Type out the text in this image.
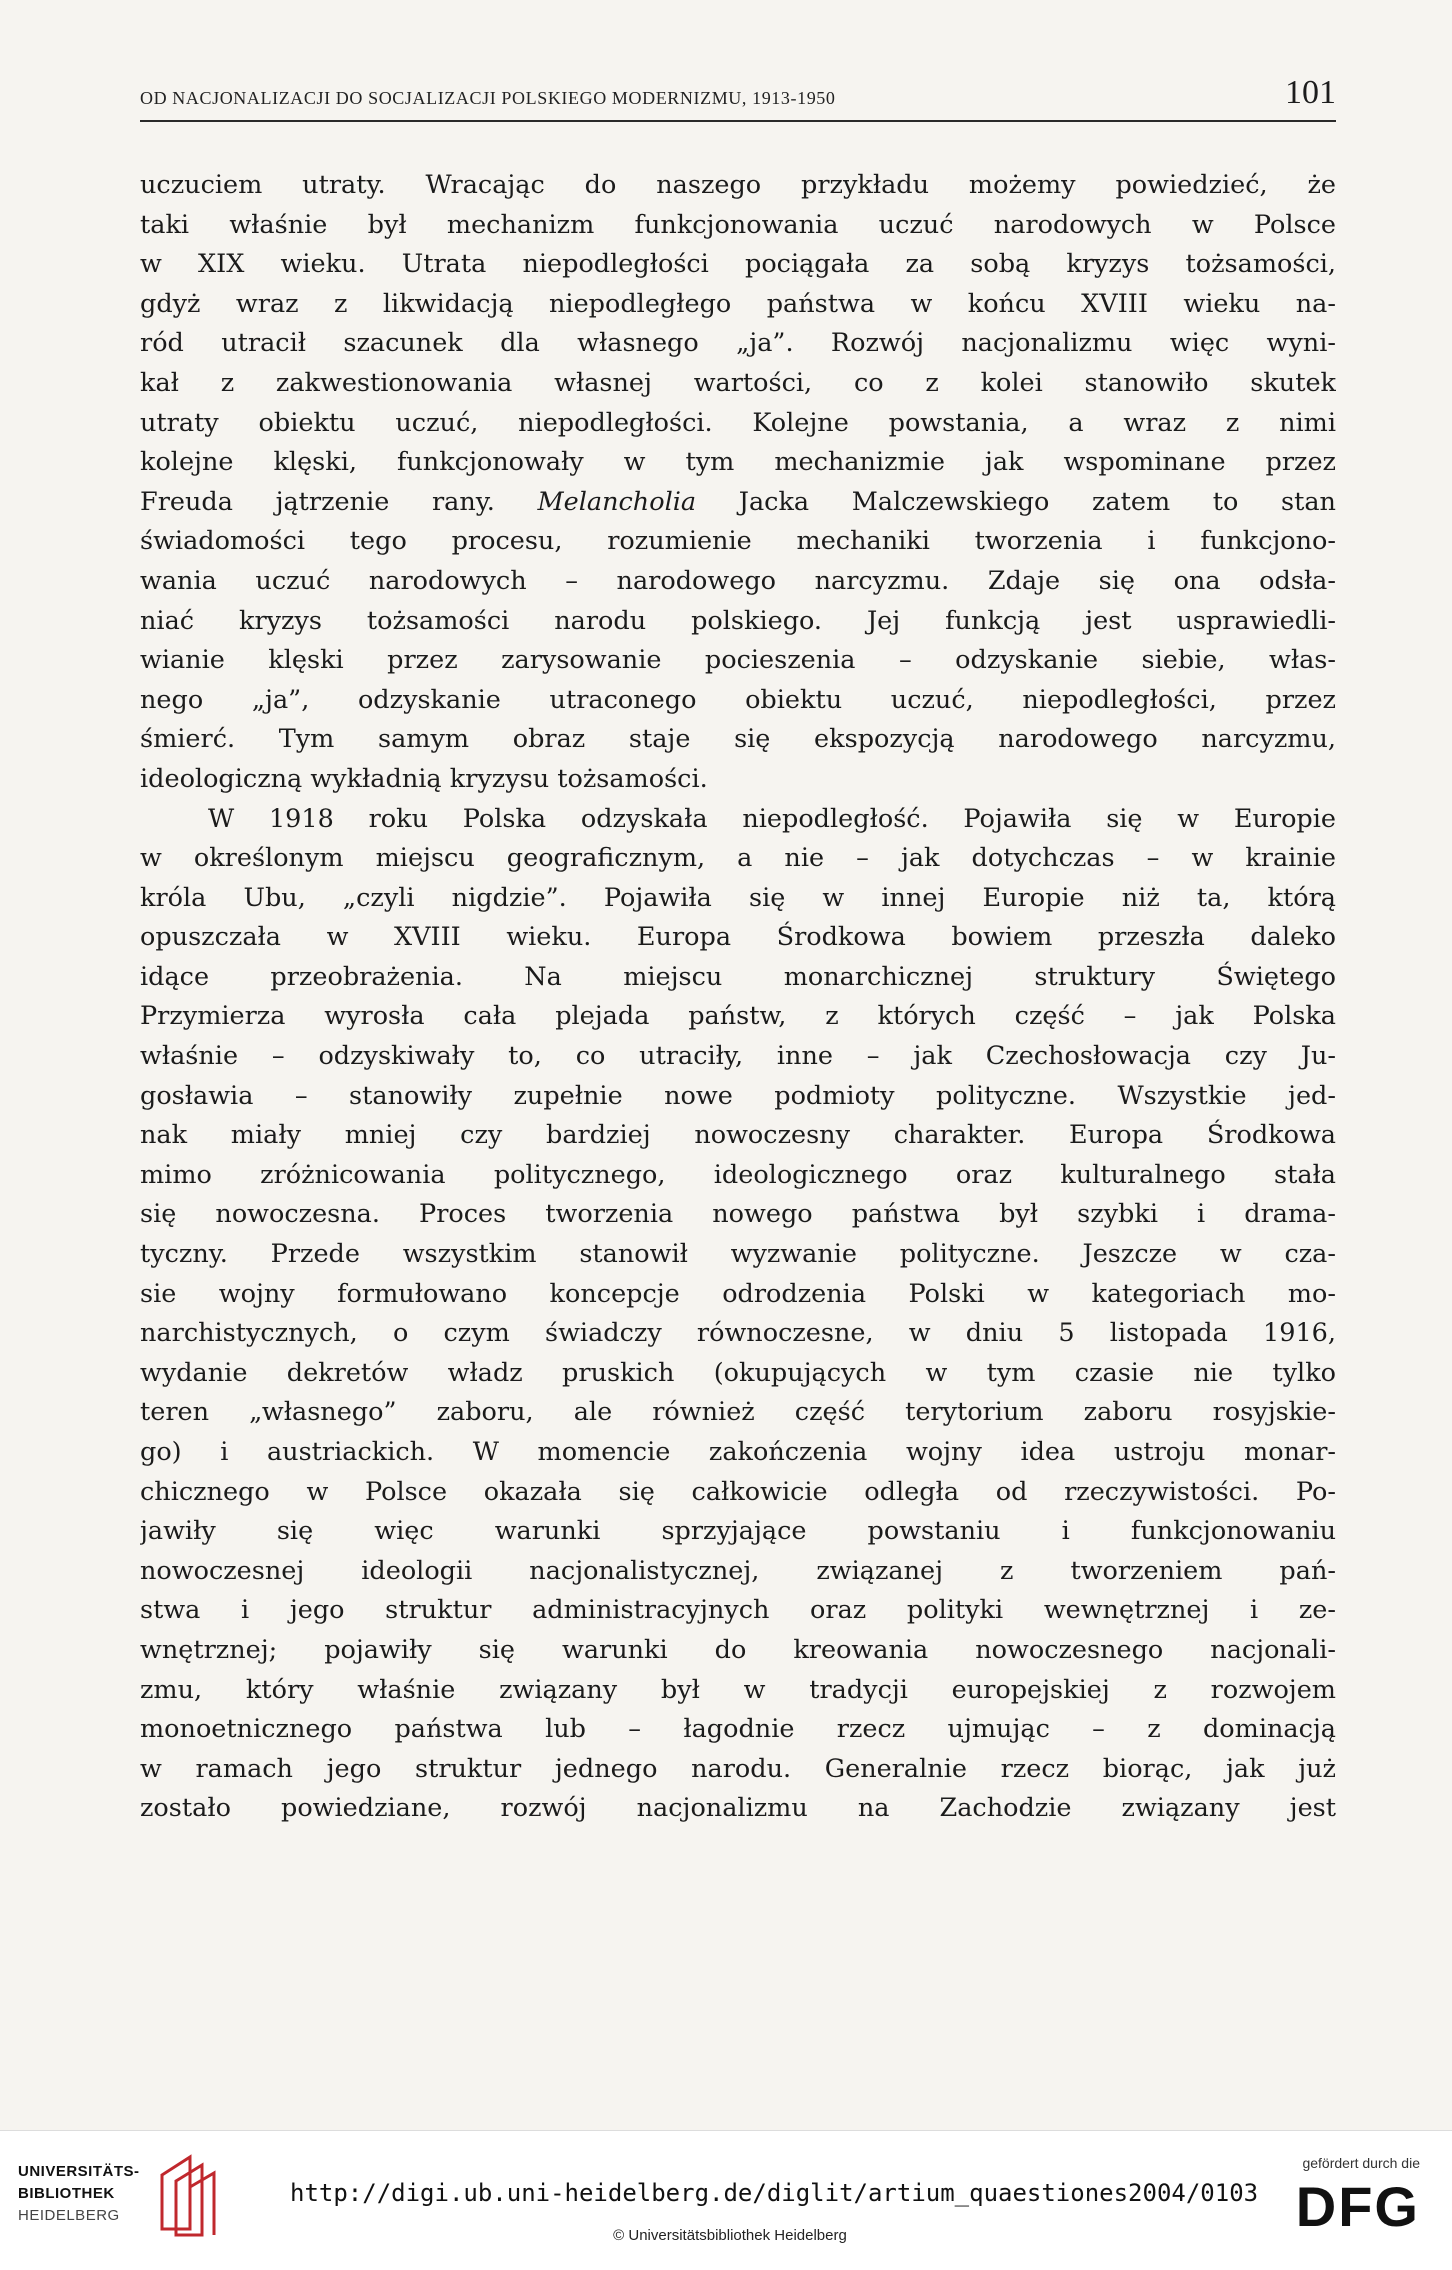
OD NACJONALIZACJI DO SOCJALIZACJI POLSKIEGO MODERNIZMU, 1913-1950	101

uczuciem utraty. Wracając do naszego przykładu możemy powiedzieć, że
taki właśnie był mechanizm funkcjonowania uczuć narodowych w Polsce
w XIX wieku. Utrata niepodległości pociągała za sobą kryzys tożsamości,
gdyż wraz z likwidacją niepodległego państwa w końcu XVIII wieku na-
ród utracił szacunek dla własnego „ja”. Rozwój nacjonalizmu więc wyni-
kał z zakwestionowania własnej wartości, co z kolei stanowiło skutek
utraty obiektu uczuć, niepodległości. Kolejne powstania, a wraz z nimi
kolejne klęski, funkcjonowały w tym mechanizmie jak wspominane przez
Freuda jątrzenie rany. Melancholia Jacka Malczewskiego zatem to stan
świadomości tego procesu, rozumienie mechaniki tworzenia i funkcjono-
wania uczuć narodowych – narodowego narcyzmu. Zdaje się ona odsła-
niać kryzys tożsamości narodu polskiego. Jej funkcją jest usprawiedli-
wianie klęski przez zarysowanie pocieszenia – odzyskanie siebie, włas-
nego „ja”, odzyskanie utraconego obiektu uczuć, niepodległości, przez
śmierć. Tym samym obraz staje się ekspozycją narodowego narcyzmu,
ideologiczną wykładnią kryzysu tożsamości.

W 1918 roku Polska odzyskała niepodległość. Pojawiła się w Europie
w określonym miejscu geograficznym, a nie – jak dotychczas – w krainie
króla Ubu, „czyli nigdzie”. Pojawiła się w innej Europie niż ta, którą
opuszczała w XVIII wieku. Europa Środkowa bowiem przeszła daleko
idące przeobrażenia. Na miejscu monarchicznej struktury Świętego
Przymierza wyrosła cała plejada państw, z których część – jak Polska
właśnie – odzyskiwały to, co utraciły, inne – jak Czechosłowacja czy Ju-
gosławia – stanowiły zupełnie nowe podmioty polityczne. Wszystkie jed-
nak miały mniej czy bardziej nowoczesny charakter. Europa Środkowa
mimo zróżnicowania politycznego, ideologicznego oraz kulturalnego stała
się nowoczesna. Proces tworzenia nowego państwa był szybki i drama-
tyczny. Przede wszystkim stanowił wyzwanie polityczne. Jeszcze w cza-
sie wojny formułowano koncepcje odrodzenia Polski w kategoriach mo-
narchistycznych, o czym świadczy równoczesne, w dniu 5 listopada 1916,
wydanie dekretów władz pruskich (okupujących w tym czasie nie tylko
teren „własnego” zaboru, ale również część terytorium zaboru rosyjskie-
go) i austriackich. W momencie zakończenia wojny idea ustroju monar-
chicznego w Polsce okazała się całkowicie odległa od rzeczywistości. Po-
jawiły się więc warunki sprzyjające powstaniu i funkcjonowaniu
nowoczesnej ideologii nacjonalistycznej, związanej z tworzeniem pań-
stwa i jego struktur administracyjnych oraz polityki wewnętrznej i ze-
wnętrznej; pojawiły się warunki do kreowania nowoczesnego nacjonali-
zmu, który właśnie związany był w tradycji europejskiej z rozwojem
monoetnicznego państwa lub – łagodnie rzecz ujmując – z dominacją
w ramach jego struktur jednego narodu. Generalnie rzecz biorąc, jak już
zostało powiedziane, rozwój nacjonalizmu na Zachodzie związany jest

UNIVERSITÄTS-
BIBLIOTHEK
HEIDELBERG
http://digi.ub.uni-heidelberg.de/diglit/artium_quaestiones2004/0103
© Universitätsbibliothek Heidelberg
gefördert durch die
DFG
